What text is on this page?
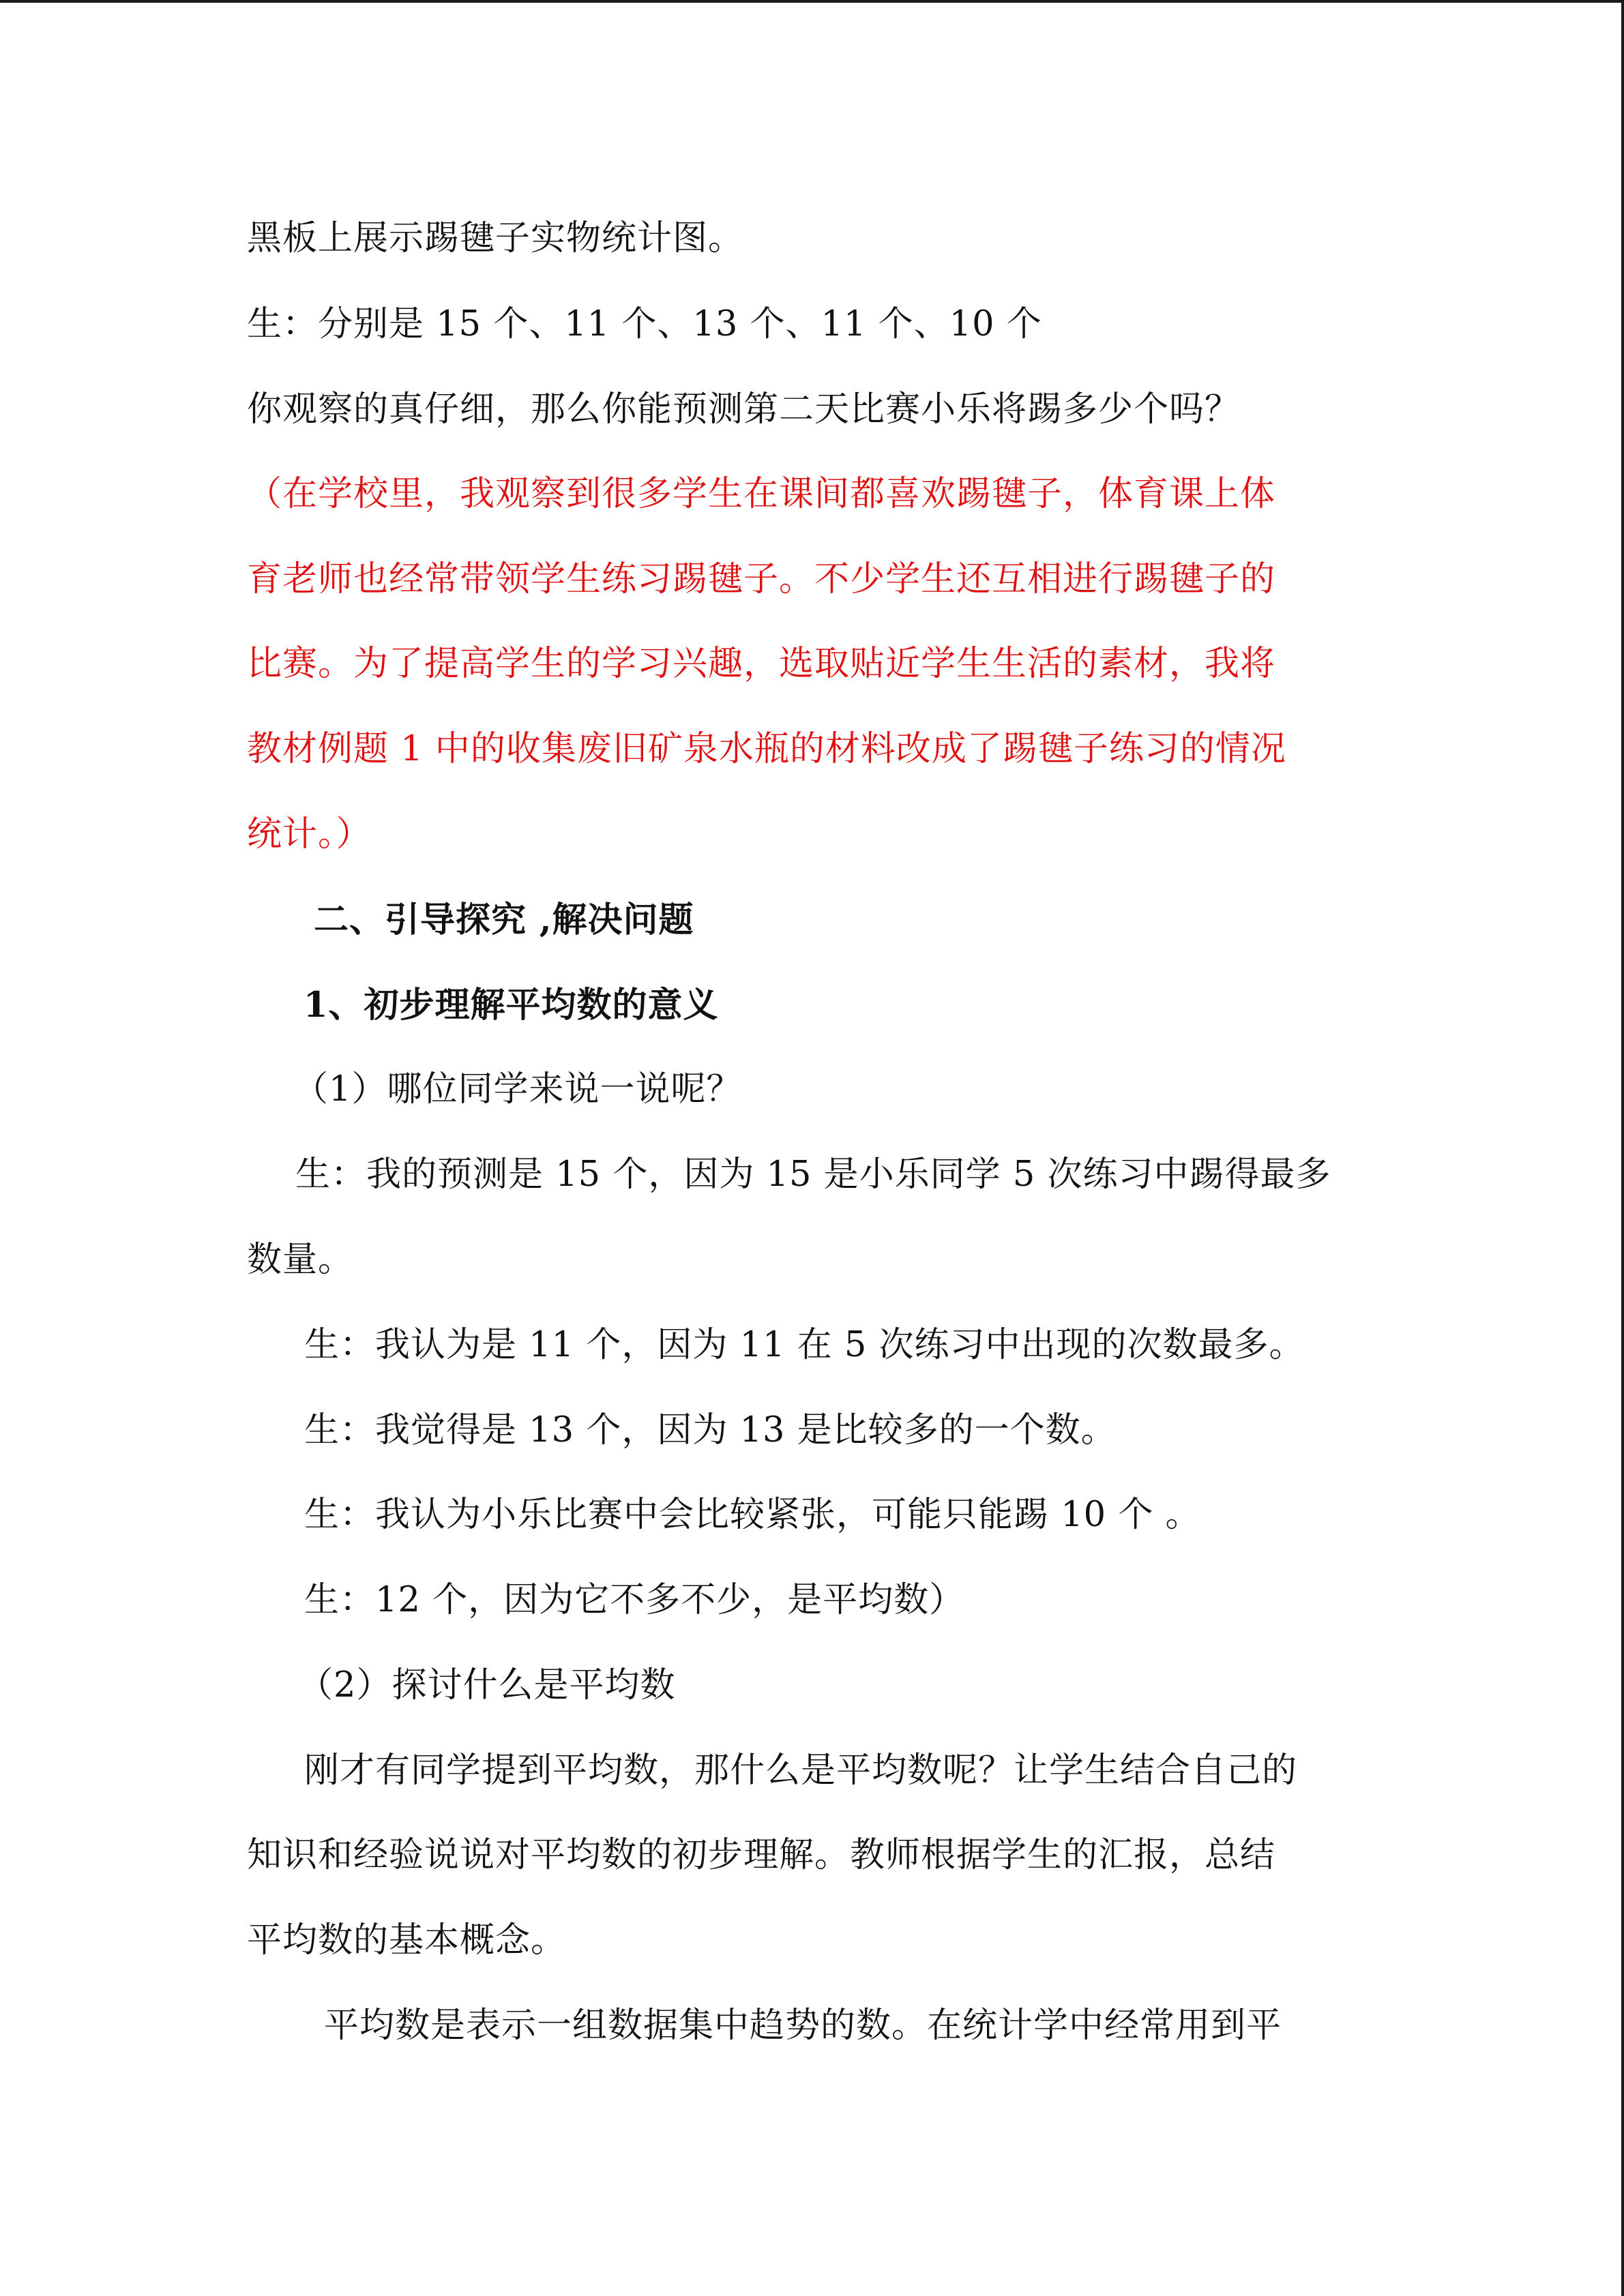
黑板上展示踢毽子实物统计图。
生：分别是 15 个、11 个、13 个、11 个、10 个
你观察的真仔细，那么你能预测第二天比赛小乐将踢多少个吗？
（在学校里，我观察到很多学生在课间都喜欢踢毽子，体育课上体
育老师也经常带领学生练习踢毽子。不少学生还互相进行踢毽子的
比赛。为了提高学生的学习兴趣，选取贴近学生生活的素材，我将
教材例题 1 中的收集废旧矿泉水瓶的材料改成了踢毽子练习的情况
统计。）
二、引导探究 ,解决问题
1、初步理解平均数的意义
（1）哪位同学来说一说呢？
生：我的预测是 15 个，因为 15 是小乐同学 5 次练习中踢得最多
数量。
生：我认为是 11 个，因为 11 在 5 次练习中出现的次数最多。
生：我觉得是 13 个，因为 13 是比较多的一个数。
生：我认为小乐比赛中会比较紧张，可能只能踢 10 个 。
生：12 个，因为它不多不少，是平均数）
（2）探讨什么是平均数
刚才有同学提到平均数，那什么是平均数呢？让学生结合自己的
知识和经验说说对平均数的初步理解。教师根据学生的汇报，总结
平均数的基本概念。
平均数是表示一组数据集中趋势的数。在统计学中经常用到平
